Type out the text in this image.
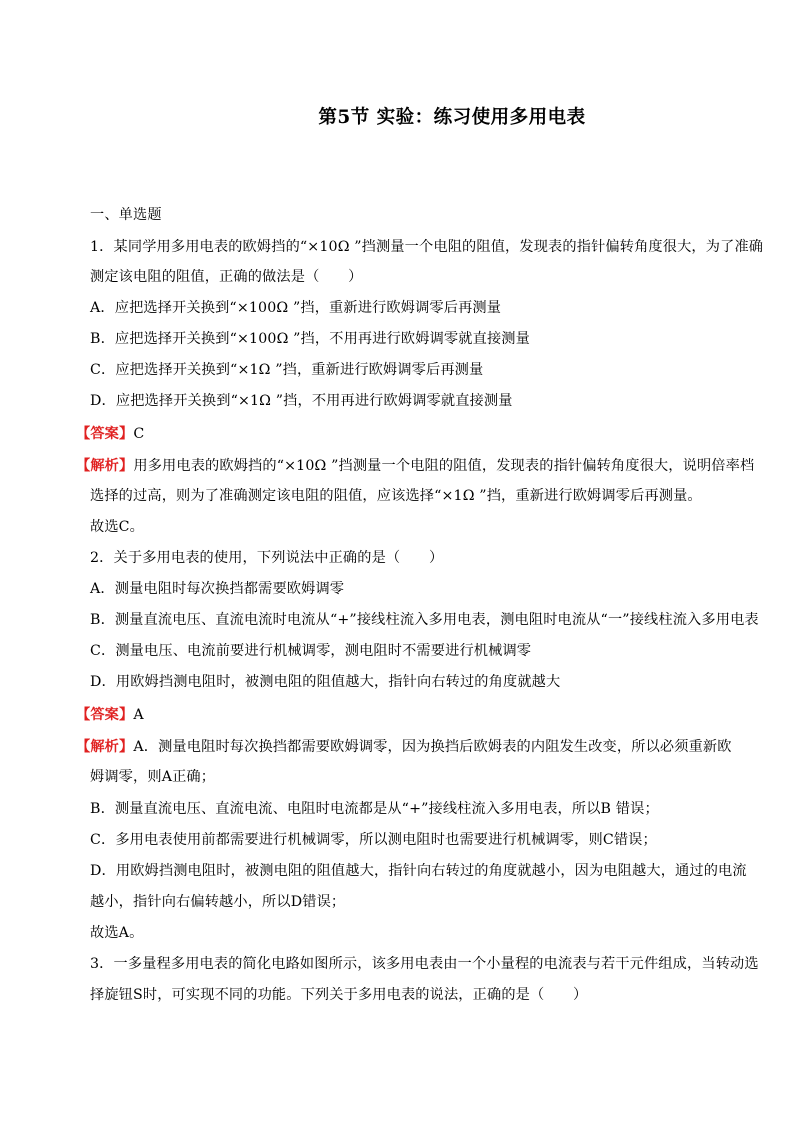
第5节 实验：练习使用多用电表
一、单选题
1．某同学用多用电表的欧姆挡的“×10Ω ”挡测量一个电阻的阻值，发现表的指针偏转角度很大，为了准确
测定该电阻的阻值，正确的做法是（　　）
A．应把选择开关换到“×100Ω ”挡，重新进行欧姆调零后再测量
B．应把选择开关换到“×100Ω ”挡，不用再进行欧姆调零就直接测量
C．应把选择开关换到“×1Ω ”挡，重新进行欧姆调零后再测量
D．应把选择开关换到“×1Ω ”挡，不用再进行欧姆调零就直接测量
【答案】C
【解析】用多用电表的欧姆挡的“×10Ω ”挡测量一个电阻的阻值，发现表的指针偏转角度很大，说明倍率档
选择的过高，则为了准确测定该电阻的阻值，应该选择“×1Ω ”挡，重新进行欧姆调零后再测量。
故选C。
2．关于多用电表的使用，下列说法中正确的是（　　）
A．测量电阻时每次换挡都需要欧姆调零
B．测量直流电压、直流电流时电流从“+”接线柱流入多用电表，测电阻时电流从“一”接线柱流入多用电表
C．测量电压、电流前要进行机械调零，测电阻时不需要进行机械调零
D．用欧姆挡测电阻时，被测电阻的阻值越大，指针向右转过的角度就越大
【答案】A
【解析】A．测量电阻时每次换挡都需要欧姆调零，因为换挡后欧姆表的内阻发生改变，所以必须重新欧
姆调零，则A正确；
B．测量直流电压、直流电流、电阻时电流都是从“+”接线柱流入多用电表，所以B 错误；
C．多用电表使用前都需要进行机械调零，所以测电阻时也需要进行机械调零，则C错误；
D．用欧姆挡测电阻时，被测电阻的阻值越大，指针向右转过的角度就越小，因为电阻越大，通过的电流
越小，指针向右偏转越小，所以D错误；
故选A。
3．一多量程多用电表的简化电路如图所示，该多用电表由一个小量程的电流表与若干元件组成，当转动选
择旋钮S时，可实现不同的功能。下列关于多用电表的说法，正确的是（　　）
